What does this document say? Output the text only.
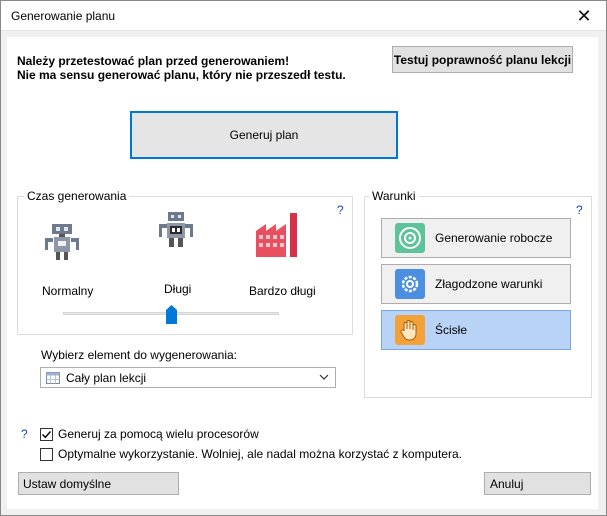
Generowanie planu	✕
Należy przetestować plan przed generowaniem!
Nie ma sensu generować planu, który nie przeszedł testu.
Testuj poprawność planu lekcji
Generuj plan
Czas generowania
?
Normalny	Długi	Bardzo długi
Warunki
?
Generowanie robocze
Złagodzone warunki
Ścisłe
Wybierz element do wygenerowania:
Cały plan lekcji
?	Generuj za pomocą wielu procesorów
Optymalne wykorzystanie. Wolniej, ale nadal można korzystać z komputera.
Ustaw domyślne	Anuluj
